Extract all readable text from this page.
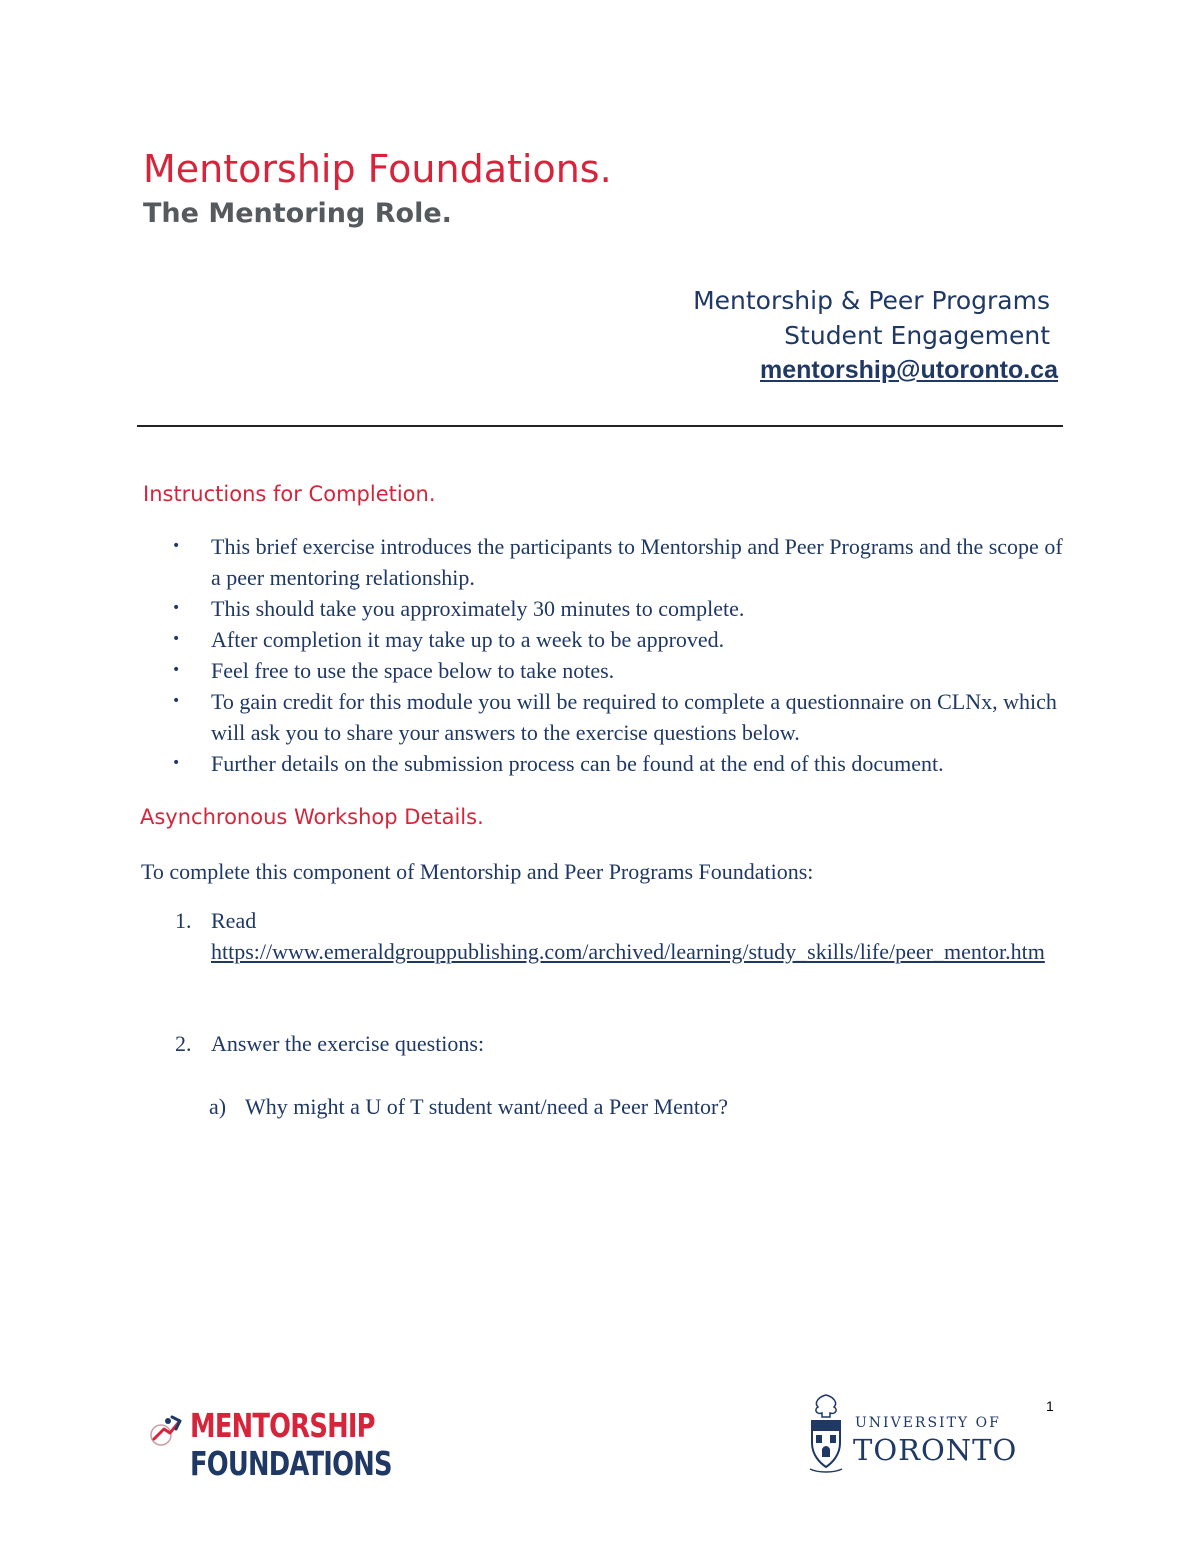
Mentorship Foundations.
The Mentoring Role.
Mentorship & Peer Programs
Student Engagement
mentorship@utoronto.ca
Instructions for Completion.
• This brief exercise introduces the participants to Mentorship and Peer Programs and the scope of a peer mentoring relationship.
• This should take you approximately 30 minutes to complete.
• After completion it may take up to a week to be approved.
• Feel free to use the space below to take notes.
• To gain credit for this module you will be required to complete a questionnaire on CLNx, which will ask you to share your answers to the exercise questions below.
• Further details on the submission process can be found at the end of this document.
Asynchronous Workshop Details.

To complete this component of Mentorship and Peer Programs Foundations:

1. Read
https://www.emeraldgrouppublishing.com/archived/learning/study_skills/life/peer_mentor.htm
2. Answer the exercise questions:

a) Why might a U of T student want/need a Peer Mentor?

1
MENTORSHIP
FOUNDATIONS
UNIVERSITY OF
TORONTO
